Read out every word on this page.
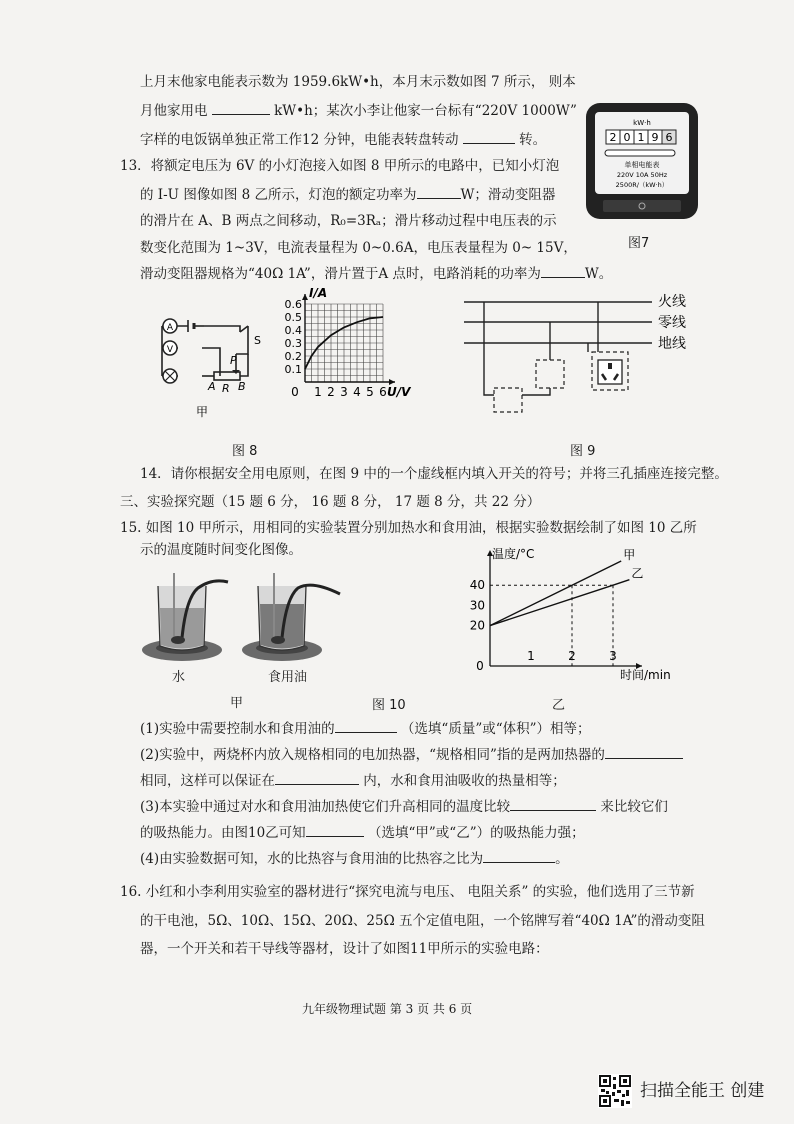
上月末他家电能表示数为 1959.6kW•h，本月末示数如图 7 所示， 则本
月他家用电	kW•h；某次小李让他家一台标有“220V 1000W”
字样的电饭锅单独正常工作12 分钟，电能表转盘转动	转。
kW·h
2 0 1 9 6
单相电能表
220V 10A 50Hz
2500R/（kW·h）
图7
13．将额定电压为 6V 的小灯泡接入如图 8 甲所示的电路中，已知小灯泡
的 I-U 图像如图 8 乙所示，灯泡的额定功率为	W；滑动变阻器
的滑片在 A、B 两点之间移动，R₀=3Rₐ；滑片移动过程中电压表的示
数变化范围为 1~3V，电流表量程为 0~0.6A，电压表量程为 0~ 15V，
滑动变阻器规格为“40Ω 1A”，滑片置于A 点时，电路消耗的功率为	W。
A
V
S
P
A R B
甲
0.1
0.2
0.3
0.4
0.5
0.6
0 1 2 3 4 5 6
I/A
U/V
图 8
火线
零线
地线
图 9
14．请你根据安全用电原则，在图 9 中的一个虚线框内填入开关的符号；并将三孔插座连接完整。
三、实验探究题（15 题 6 分， 16 题 8 分， 17 题 8 分，共 22 分）
15. 如图 10 甲所示，用相同的实验装置分别加热水和食用油，根据实验数据绘制了如图 10 乙所
示的温度随时间变化图像。
水	食用油
甲	图 10
温度/°C
时间/min
20
30
40
0
1	2	3
甲
乙
乙
(1)实验中需要控制水和食用油的	（选填“质量”或“体积”）相等；
(2)实验中，两烧杯内放入规格相同的电加热器，“规格相同”指的是两加热器的
相同，这样可以保证在	内，水和食用油吸收的热量相等；
(3)本实验中通过对水和食用油加热使它们升高相同的温度比较	来比较它们
的吸热能力。由图10乙可知	（选填“甲”或“乙”）的吸热能力强；
(4)由实验数据可知，水的比热容与食用油的比热容之比为	。
16. 小红和小李利用实验室的器材进行“探究电流与电压、 电阻关系” 的实验，他们选用了三节新
的干电池，5Ω、10Ω、15Ω、20Ω、25Ω 五个定值电阻，一个铭牌写着“40Ω 1A”的滑动变阻
器，一个开关和若干导线等器材，设计了如图11甲所示的实验电路：
九年级物理试题 第 3 页 共 6 页
扫描全能王 创建
